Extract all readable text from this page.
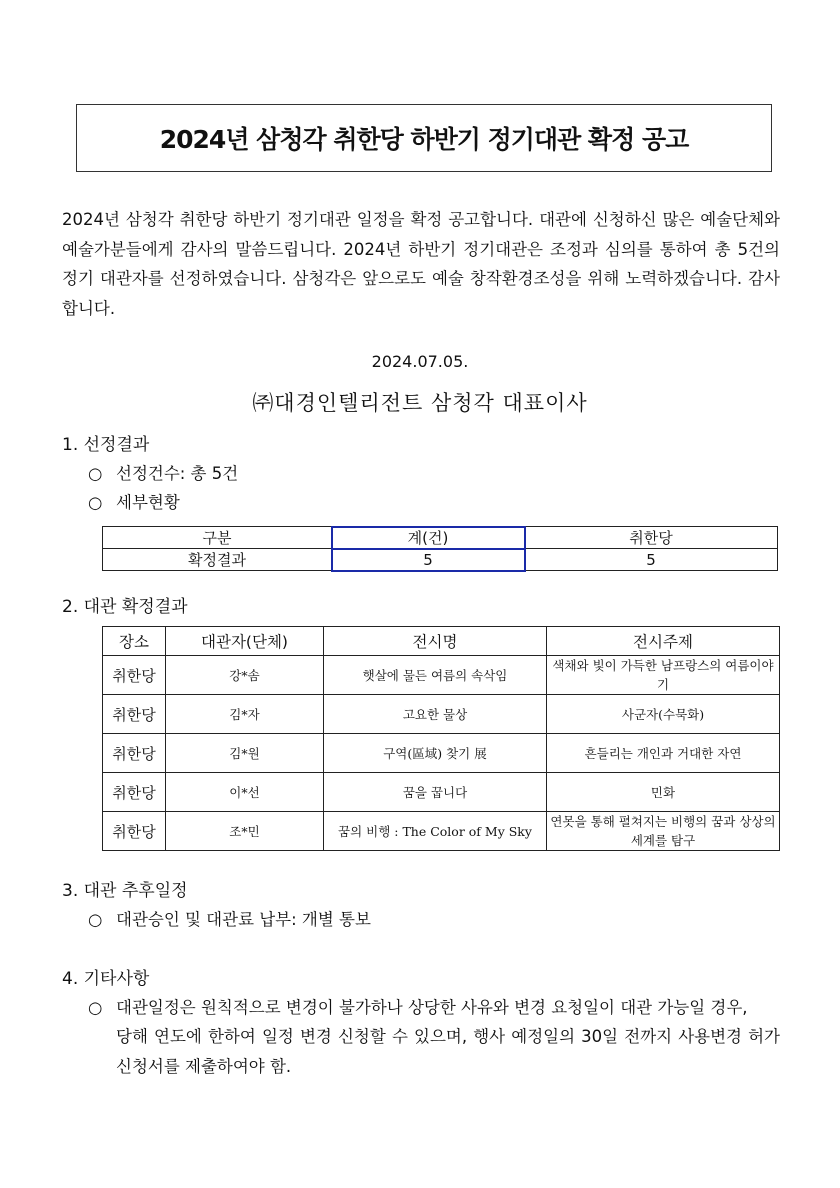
2024년 삼청각 취한당 하반기 정기대관 확정 공고
2024년 삼청각 취한당 하반기 정기대관 일정을 확정 공고합니다. 대관에 신청하신 많은 예술단체와 예술가분들에게 감사의 말씀드립니다. 2024년 하반기 정기대관은 조정과 심의를 통하여 총 5건의 정기 대관자를 선정하였습니다. 삼청각은 앞으로도 예술 창작환경조성을 위해 노력하겠습니다. 감사합니다.
2024.07.05.
㈜대경인텔리전트 삼청각 대표이사
1. 선정결과
○ 선정건수: 총 5건
○ 세부현황
구분	계(건)	취한당
확정결과	5	5
2. 대관 확정결과
장소	대관자(단체)	전시명	전시주제
취한당	강*솜	햇살에 물든 여름의 속삭임	색채와 빛이 가득한 남프랑스의 여름이야기
취한당	김*자	고요한 물상	사군자(수묵화)
취한당	김*원	구역(區域) 찾기 展	흔들리는 개인과 거대한 자연
취한당	이*선	꿈을 꿉니다	민화
취한당	조*민	꿈의 비행 : The Color of My Sky	연못을 통해 펼쳐지는 비행의 꿈과 상상의 세계를 탐구
3. 대관 추후일정
○ 대관승인 및 대관료 납부: 개별 통보
4. 기타사항
○ 대관일정은 원칙적으로 변경이 불가하나 상당한 사유와 변경 요청일이 대관 가능일 경우,
당해 연도에 한하여 일정 변경 신청할 수 있으며, 행사 예정일의 30일 전까지 사용변경 허가 신청서를 제출하여야 함.
